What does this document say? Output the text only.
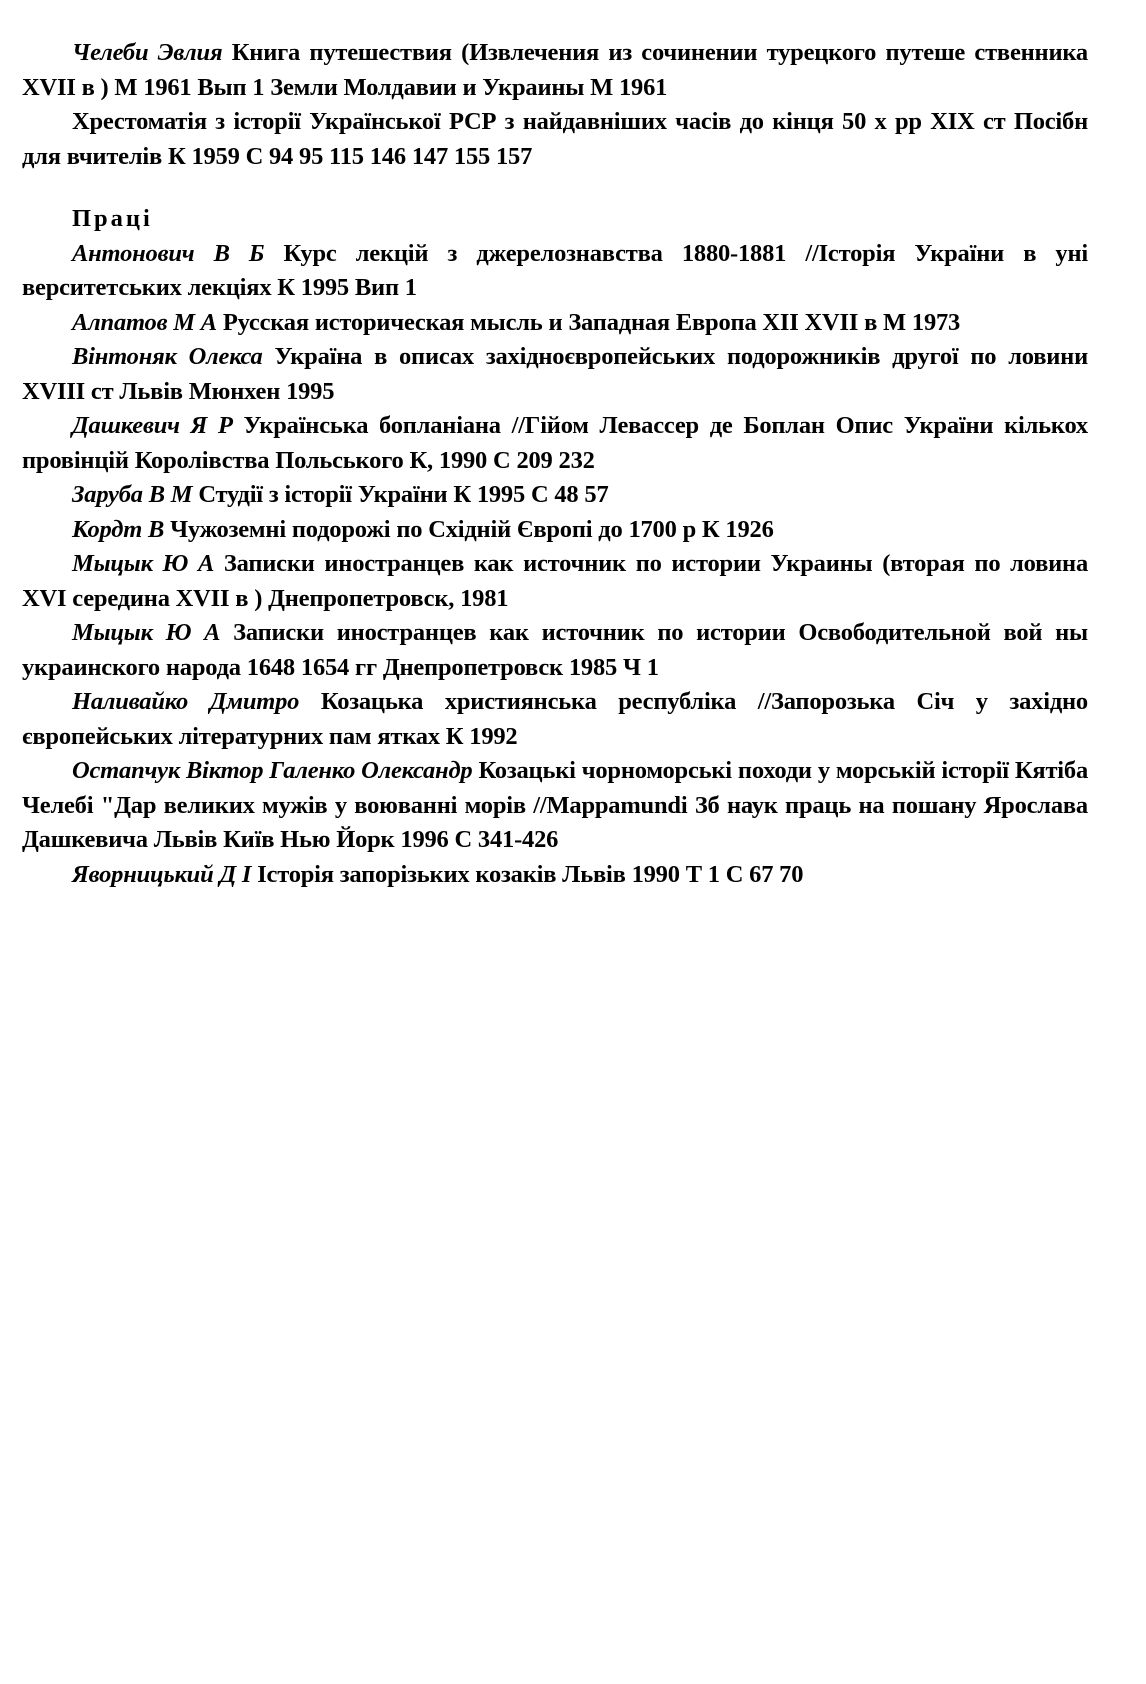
Челеби Эвлия Книга путешествия (Извлечения из сочинении турецкого путеше ственника XVII в ) М 1961 Вып 1 Земли Молдавии и Украины М 1961

Хрестоматія з історії Української РСР з найдавніших часів до кінця 50 х рр XIX ст Посібн для вчителів К 1959 С 94 95 115 146 147 155 157

Праці

Антонович В Б Курс лекцій з джерелознавства 1880-1881 //Історія України в уні верситетських лекціях К 1995 Вип 1

Алпатов М А Русская историческая мысль и Западная Европа XII XVII в М 1973

Вінтоняк Олекса Україна в описах західноєвропейських подорожників другої по ловини XVIII ст Львів Мюнхен 1995

Дашкевич Я Р Українська бопланіана //Гійом Левассер де Боплан Опис України кількох провінцій Королівства Польського К, 1990 С 209 232

Заруба В М Студії з історії України К 1995 С 48 57

Кордт В Чужоземні подорожі по Східній Європі до 1700 р К 1926

Мыцык Ю А Записки иностранцев как источник по истории Украины (вторая по ловина XVI середина XVII в ) Днепропетровск, 1981

Мыцык Ю А Записки иностранцев как источник по истории Освободительной вой ны украинского народа 1648 1654 гг Днепропетровск 1985 Ч 1

Наливайко Дмитро Козацька християнська республіка //Запорозька Січ у західно європейських літературних пам ятках К 1992

Остапчук Віктор Галенко Олександр Козацькі чорноморські походи у морській історії Кятіба Челебі "Дар великих мужів у воюванні морів //Mappamundi Зб наук праць на пошану Ярослава Дашкевича Львів Київ Нью Йорк 1996 С 341-426

Яворницький Д І Історія запорізьких козаків Львів 1990 Т 1 С 67 70
